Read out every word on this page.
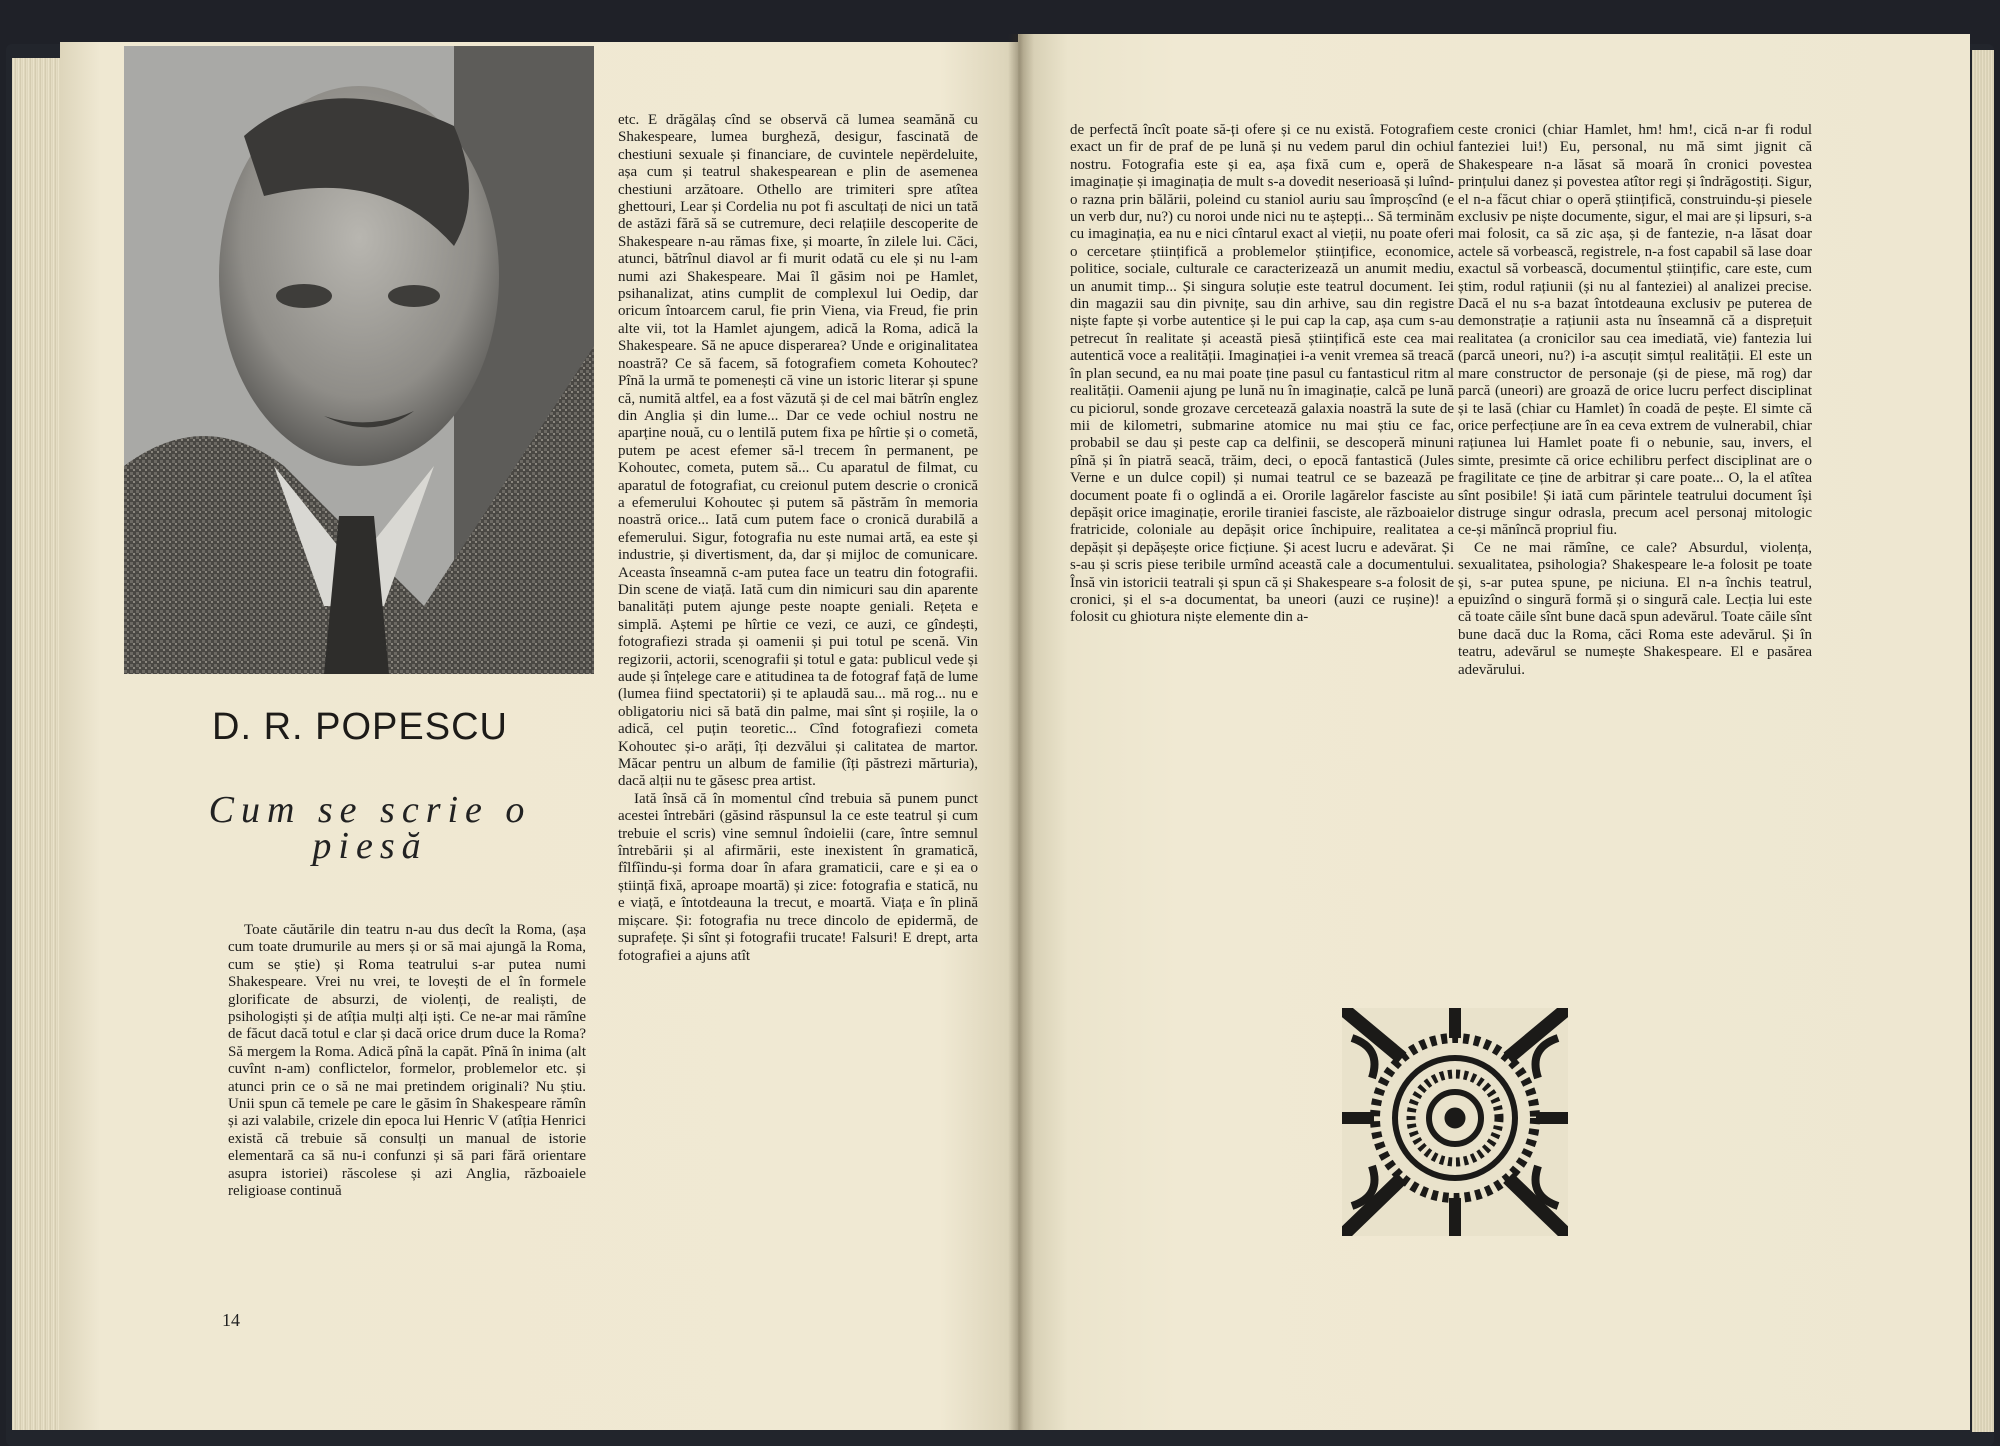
D. R. POPESCU
Cum se scrie o piesă

Toate căutările din teatru n-au dus decît la Roma, (așa cum toate drumurile au mers și or să mai ajungă la Roma, cum se știe) și Roma teatrului s-ar putea numi Shakespeare. Vrei nu vrei, te lovești de el în formele glorificate de absurzi, de violenți, de realiști, de psihologiști și de atîția mulți alți iști. Ce ne-ar mai rămîne de făcut dacă totul e clar și dacă orice drum duce la Roma? Să mergem la Roma. Adică pînă la capăt. Pînă în inima (alt cuvînt n-am) conflictelor, formelor, problemelor etc. și atunci prin ce o să ne mai pretindem originali? Nu știu. Unii spun că temele pe care le găsim în Shakespeare rămîn și azi valabile, crizele din epoca lui Henric V (atîția Henrici există că trebuie să consulți un manual de istorie elementară ca să nu-i confunzi și să pari fără orientare asupra istoriei) răscolese și azi Anglia, războaiele religioase continuă

etc. E drăgălaș cînd se observă că lumea seamănă cu Shakespeare, lumea burgheză, desigur, fascinată de chestiuni sexuale și financiare, de cuvintele nepërdeluite, așa cum și teatrul shakespearean e plin de asemenea chestiuni arzătoare. Othello are trimiteri spre atîtea ghettouri, Lear și Cordelia nu pot fi ascultați de nici un tată de astăzi fără să se cutremure, deci relațiile descoperite de Shakespeare n-au rămas fixe, și moarte, în zilele lui. Căci, atunci, bătrînul diavol ar fi murit odată cu ele și nu l-am numi azi Shakespeare. Mai îl găsim noi pe Hamlet, psihanalizat, atins cumplit de complexul lui Oedip, dar oricum întoarcem carul, fie prin Viena, via Freud, fie prin alte vii, tot la Hamlet ajungem, adică la Roma, adică la Shakespeare. Să ne apuce disperarea? Unde e originalitatea noastră? Ce să facem, să fotografiem cometa Kohoutec? Pînă la urmă te pomenești că vine un istoric literar și spune că, numită altfel, ea a fost văzută și de cel mai bătrîn englez din Anglia și din lume... Dar ce vede ochiul nostru ne aparține nouă, cu o lentilă putem fixa pe hîrtie și o cometă, putem pe acest efemer să-l trecem în permanent, pe Kohoutec, cometa, putem să... Cu aparatul de filmat, cu aparatul de fotografiat, cu creionul putem descrie o cronică a efemerului Kohoutec și putem să păstrăm în memoria noastră orice... Iată cum putem face o cronică durabilă a efemerului. Sigur, fotografia nu este numai artă, ea este și industrie, și divertisment, da, dar și mijloc de comunicare. Aceasta înseamnă c-am putea face un teatru din fotografii. Din scene de viață. Iată cum din nimicuri sau din aparente banalități putem ajunge peste noapte geniali. Rețeta e simplă. Aștemi pe hîrtie ce vezi, ce auzi, ce gîndești, fotografiezi strada și oamenii și pui totul pe scenă. Vin regizorii, actorii, scenografii și totul e gata: publicul vede și aude și înțelege care e atitudinea ta de fotograf față de lume (lumea fiind spectatorii) și te aplaudă sau... mă rog... nu e obligatoriu nici să bată din palme, mai sînt și roșiile, la o adică, cel puțin teoretic... Cînd fotografiezi cometa Kohoutec și-o arăți, îți dezvălui și calitatea de martor. Măcar pentru un album de familie (îți păstrezi mărturia), dacă alții nu te găsesc prea artist.

Iată însă că în momentul cînd trebuia să punem punct acestei întrebări (găsind răspunsul la ce este teatrul și cum trebuie el scris) vine semnul îndoielii (care, între semnul întrebării și al afirmării, este inexistent în gramatică, fîlfîindu-și forma doar în afara gramaticii, care e și ea o știință fixă, aproape moartă) și zice: fotografia e statică, nu e viață, e întotdeauna la trecut, e moartă. Viața e în plină mișcare. Și: fotografia nu trece dincolo de epidermă, de suprafețe. Și sînt și fotografii trucate! Falsuri! E drept, arta fotografiei a ajuns atît

14

de perfectă încît poate să-ți ofere și ce nu există. Fotografiem exact un fir de praf de pe lună și nu vedem parul din ochiul nostru. Fotografia este și ea, așa fixă cum e, operă de imaginație și imaginația de mult s-a dovedit neserioasă și luînd-o razna prin bălării, poleind cu staniol auriu sau împroșcînd (e un verb dur, nu?) cu noroi unde nici nu te aștepți... Să terminăm cu imaginația, ea nu e nici cîntarul exact al vieții, nu poate oferi o cercetare științifică a problemelor științifice, economice, politice, sociale, culturale ce caracterizează un anumit mediu, un anumit timp... Și singura soluție este teatrul document. Iei din magazii sau din pivnițe, sau din arhive, sau din registre niște fapte și vorbe autentice și le pui cap la cap, așa cum s-au petrecut în realitate și această piesă științifică este cea mai autentică voce a realității. Imaginației i-a venit vremea să treacă în plan secund, ea nu mai poate ține pasul cu fantasticul ritm al realității. Oamenii ajung pe lună nu în imaginație, calcă pe lună cu piciorul, sonde grozave cercetează galaxia noastră la sute de mii de kilometri, submarine atomice nu mai știu ce fac, probabil se dau și peste cap ca delfinii, se descoperă minuni pînă și în piatră seacă, trăim, deci, o epocă fantastică (Jules Verne e un dulce copil) și numai teatrul ce se bazează pe document poate fi o oglindă a ei. Ororile lagărelor fasciste au depășit orice imaginație, erorile tiraniei fasciste, ale războaielor fratricide, coloniale au depășit orice închipuire, realitatea a depășit și depășește orice ficțiune. Și acest lucru e adevărat. Și s-au și scris piese teribile urmînd această cale a documentului. Însă vin istoricii teatrali și spun că și Shakespeare s-a folosit de cronici, și el s-a documentat, ba uneori (auzi ce rușine)! a folosit cu ghiotura niște elemente din a-

ceste cronici (chiar Hamlet, hm! hm!, cică n-ar fi rodul fanteziei lui!) Eu, personal, nu mă simt jignit că Shakespeare n-a lăsat să moară în cronici povestea prințului danez și povestea atîtor regi și îndrăgostiți. Sigur, el n-a făcut chiar o operă științifică, construindu-și piesele exclusiv pe niște documente, sigur, el mai are și lipsuri, s-a mai folosit, ca să zic așa, și de fantezie, n-a lăsat doar actele să vorbească, registrele, n-a fost capabil să lase doar exactul să vorbească, documentul științific, care este, cum știm, rodul rațiunii (și nu al fanteziei) al analizei precise. Dacă el nu s-a bazat întotdeauna exclusiv pe puterea de demonstrație a rațiunii asta nu înseamnă că a disprețuit realitatea (a cronicilor sau cea imediată, vie) fantezia lui (parcă uneori, nu?) i-a ascuțit simțul realității. El este un mare constructor de personaje (și de piese, mă rog) dar parcă (uneori) are groază de orice lucru perfect disciplinat și te lasă (chiar cu Hamlet) în coadă de pește. El simte că orice perfecțiune are în ea ceva extrem de vulnerabil, chiar rațiunea lui Hamlet poate fi o nebunie, sau, invers, el simte, presimte că orice echilibru perfect disciplinat are o fragilitate ce ține de arbitrar și care poate... O, la el atîtea sînt posibile! Și iată cum părintele teatrului document își distruge singur odrasla, precum acel personaj mitologic ce-și mănîncă propriul fiu.

Ce ne mai rămîne, ce cale? Absurdul, violența, sexualitatea, psihologia? Shakespeare le-a folosit pe toate și, s-ar putea spune, pe niciuna. El n-a închis teatrul, epuizînd o singură formă și o singură cale. Lecția lui este că toate căile sînt bune dacă spun adevărul. Toate căile sînt bune dacă duc la Roma, căci Roma este adevărul. Și în teatru, adevărul se numește Shakespeare. El e pasărea adevărului.
